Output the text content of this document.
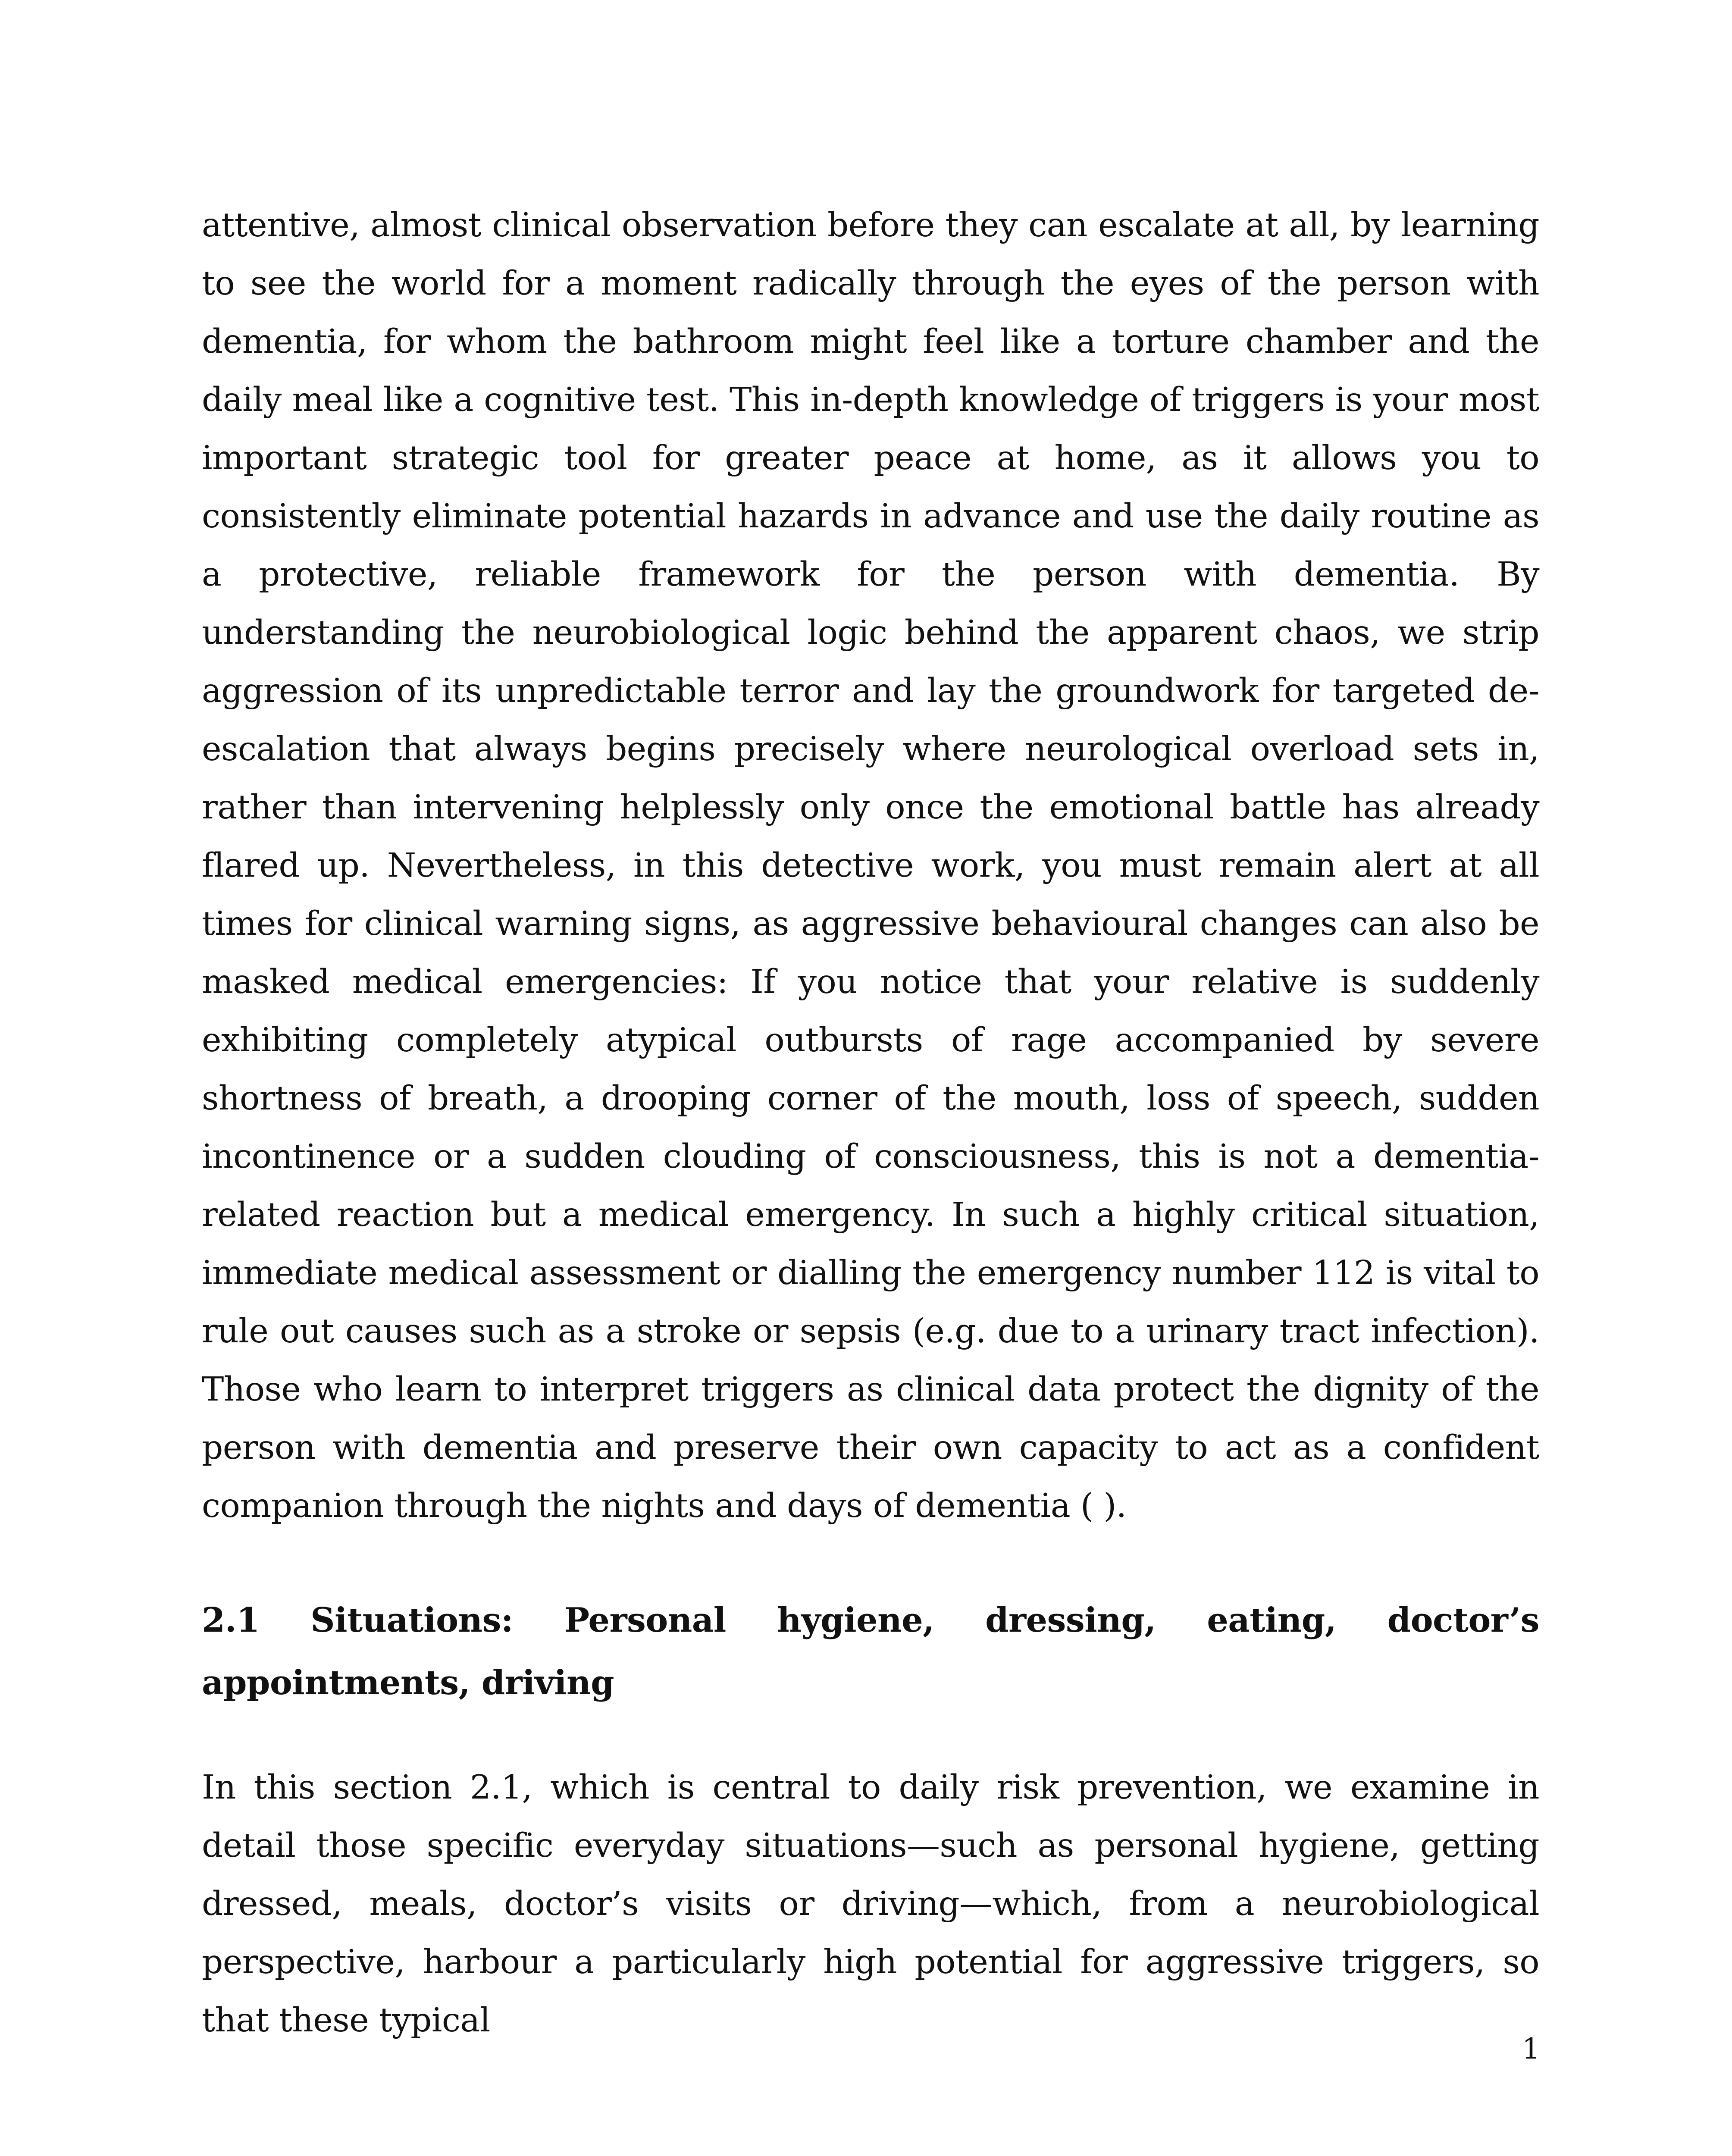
attentive, almost clinical observation before they can escalate at all, by learning to see the world for a moment radically through the eyes of the person with dementia, for whom the bathroom might feel like a torture chamber and the daily meal like a cognitive test. This in-depth knowledge of triggers is your most important strategic tool for greater peace at home, as it allows you to consistently eliminate potential hazards in advance and use the daily routine as a protective, reliable framework for the person with dementia. By understanding the neurobiological logic behind the apparent chaos, we strip aggression of its unpredictable terror and lay the groundwork for targeted de-escalation that always begins precisely where neurological overload sets in, rather than intervening helplessly only once the emotional battle has already flared up. Nevertheless, in this detective work, you must remain alert at all times for clinical warning signs, as aggressive behavioural changes can also be masked medical emergencies: If you notice that your relative is suddenly exhibiting completely atypical outbursts of rage accompanied by severe shortness of breath, a drooping corner of the mouth, loss of speech, sudden incontinence or a sudden clouding of consciousness, this is not a dementia-related reaction but a medical emergency. In such a highly critical situation, immediate medical assessment or dialling the emergency number 112 is vital to rule out causes such as a stroke or sepsis (e.g. due to a urinary tract infection). Those who learn to interpret triggers as clinical data protect the dignity of the person with dementia and preserve their own capacity to act as a confident companion through the nights and days of dementia ( ).

2.1 Situations: Personal hygiene, dressing, eating, doctor’s appointments, driving

In this section 2.1, which is central to daily risk prevention, we examine in detail those specific everyday situations—such as personal hygiene, getting dressed, meals, doctor’s visits or driving—which, from a neurobiological perspective, harbour a particularly high potential for aggressive triggers, so that these typical

1
